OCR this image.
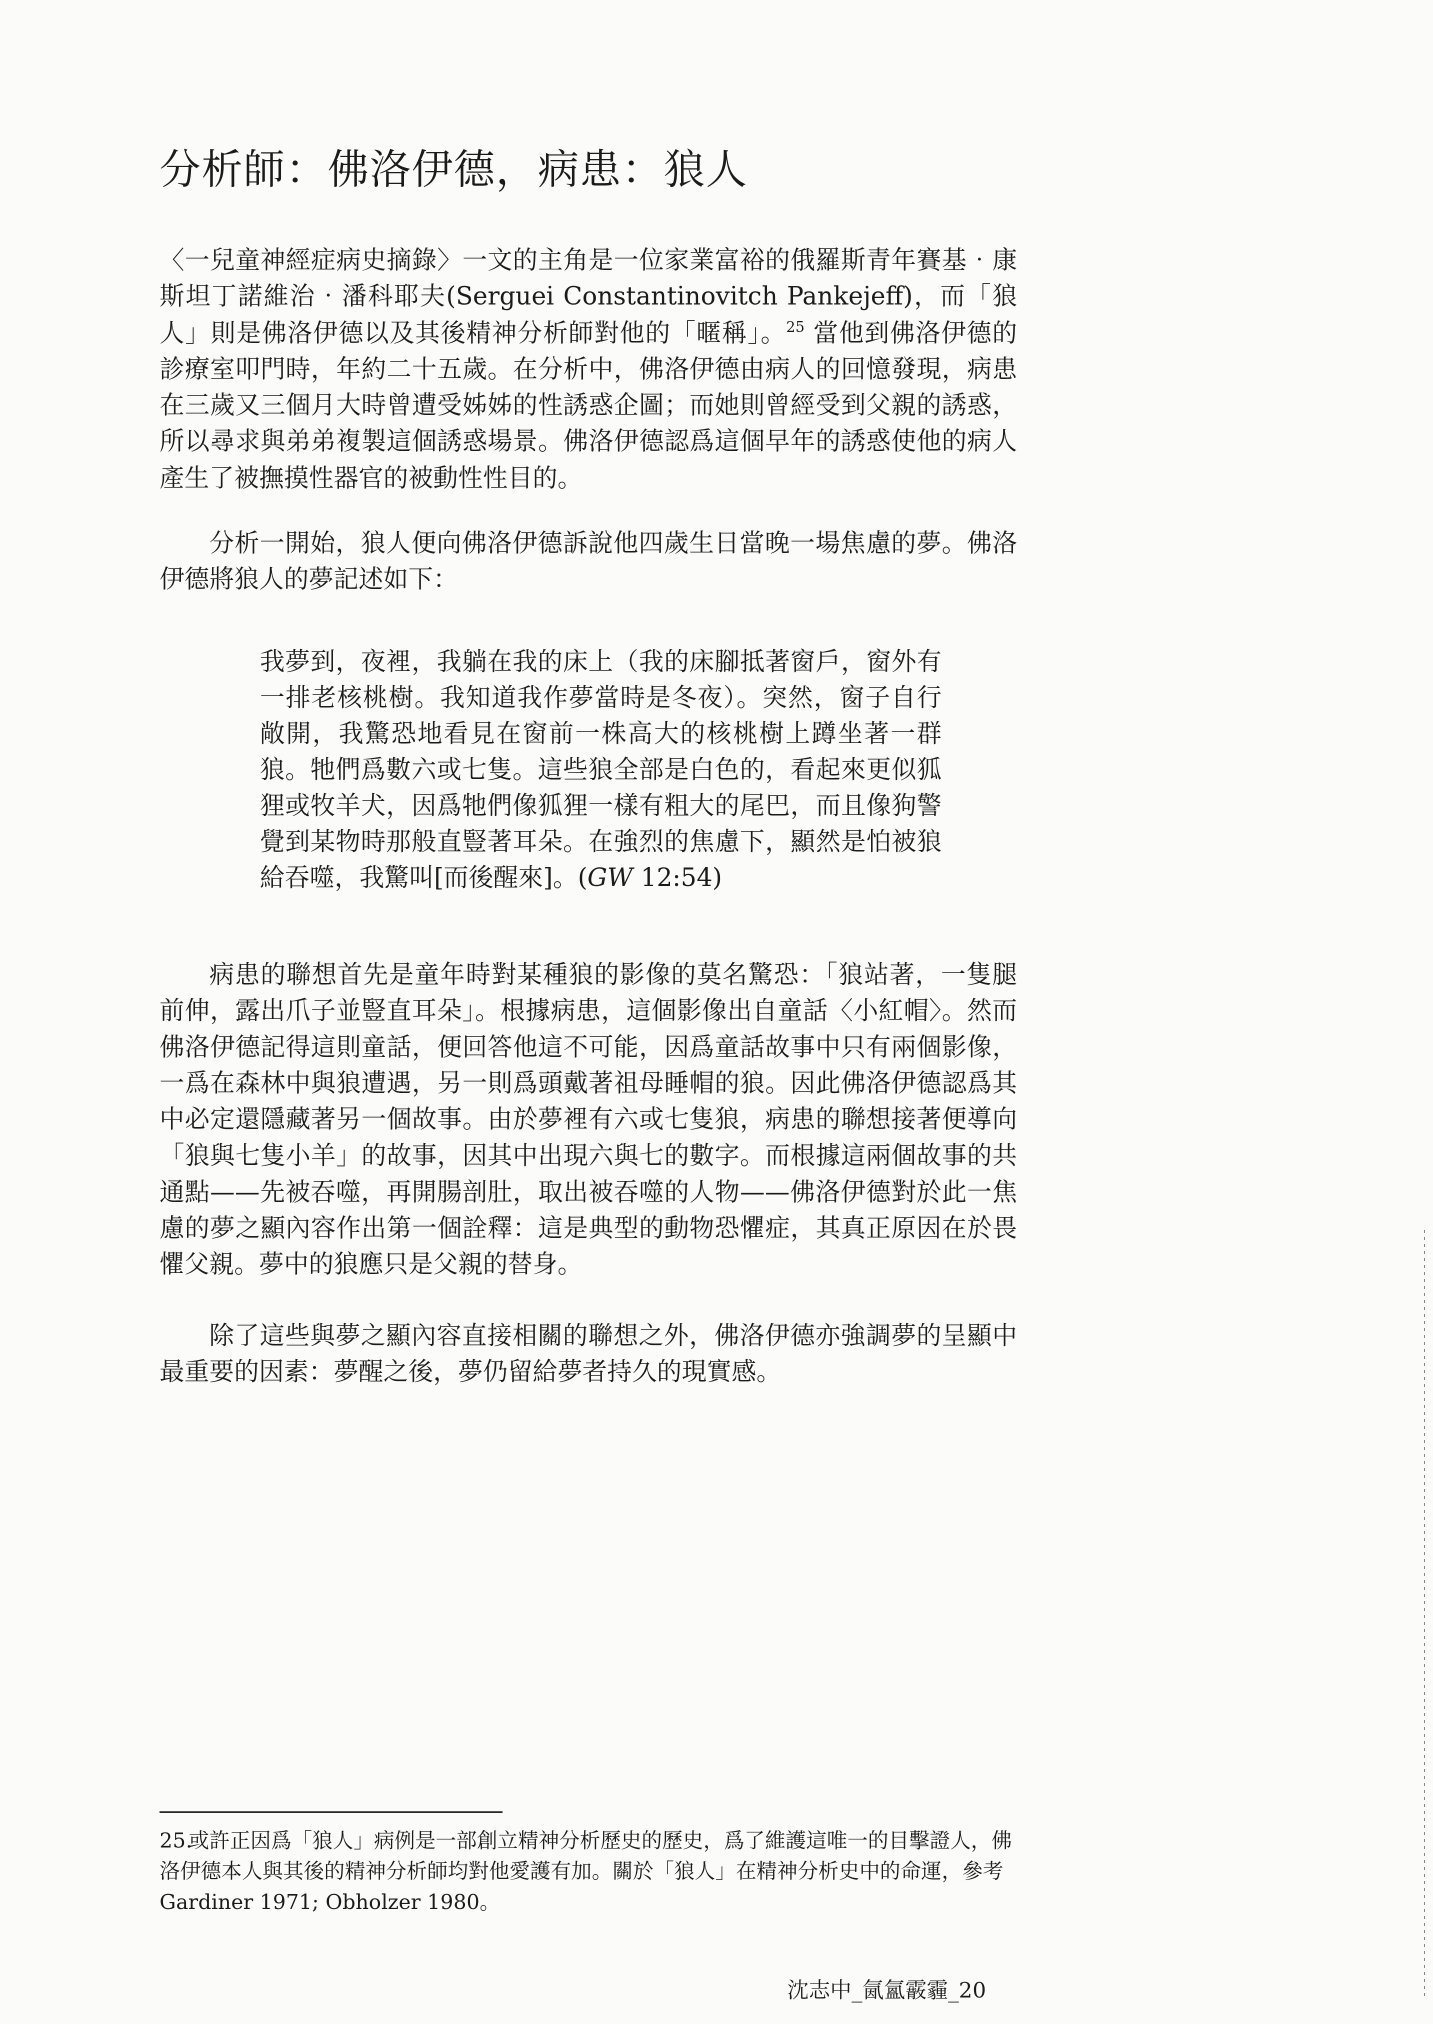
分析師：佛洛伊德，病患：狼人

〈一兒童神經症病史摘錄〉一文的主角是一位家業富裕的俄羅斯青年賽基‧康斯坦丁諾維治‧潘科耶夫(Serguei Constantinovitch Pankejeff)，而「狼人」則是佛洛伊德以及其後精神分析師對他的「暱稱」。$^{25}$ 當他到佛洛伊德的診療室叩門時，年約二十五歲。在分析中，佛洛伊德由病人的回憶發現，病患在三歲又三個月大時曾遭受姊姊的性誘惑企圖；而她則曾經受到父親的誘惑，所以尋求與弟弟複製這個誘惑場景。佛洛伊德認爲這個早年的誘惑使他的病人產生了被撫摸性器官的被動性性目的。

分析一開始，狼人便向佛洛伊德訴說他四歲生日當晚一場焦慮的夢。佛洛伊德將狼人的夢記述如下：

我夢到，夜裡，我躺在我的床上（我的床腳抵著窗戶，窗外有一排老核桃樹。我知道我作夢當時是冬夜）。突然，窗子自行敞開，我驚恐地看見在窗前一株高大的核桃樹上蹲坐著一群狼。牠們爲數六或七隻。這些狼全部是白色的，看起來更似狐狸或牧羊犬，因爲牠們像狐狸一樣有粗大的尾巴，而且像狗警覺到某物時那般直豎著耳朵。在強烈的焦慮下，顯然是怕被狼給吞噬，我驚叫[而後醒來]。(GW 12:54)

病患的聯想首先是童年時對某種狼的影像的莫名驚恐：「狼站著，一隻腿前伸，露出爪子並豎直耳朵」。根據病患，這個影像出自童話〈小紅帽〉。然而佛洛伊德記得這則童話，便回答他這不可能，因爲童話故事中只有兩個影像，一爲在森林中與狼遭遇，另一則爲頭戴著祖母睡帽的狼。因此佛洛伊德認爲其中必定還隱藏著另一個故事。由於夢裡有六或七隻狼，病患的聯想接著便導向「狼與七隻小羊」的故事，因其中出現六與七的數字。而根據這兩個故事的共通點——先被吞噬，再開腸剖肚，取出被吞噬的人物——佛洛伊德對於此一焦慮的夢之顯內容作出第一個詮釋：這是典型的動物恐懼症，其真正原因在於畏懼父親。夢中的狼應只是父親的替身。

除了這些與夢之顯內容直接相關的聯想之外，佛洛伊德亦強調夢的呈顯中最重要的因素：夢醒之後，夢仍留給夢者持久的現實感。

25.或許正因爲「狼人」病例是一部創立精神分析歷史的歷史，爲了維護這唯一的目擊證人，佛洛伊德本人與其後的精神分析師均對他愛護有加。關於「狼人」在精神分析史中的命運，參考 Gardiner 1971; Obholzer 1980。

沈志中_氤氳霰霾_20
